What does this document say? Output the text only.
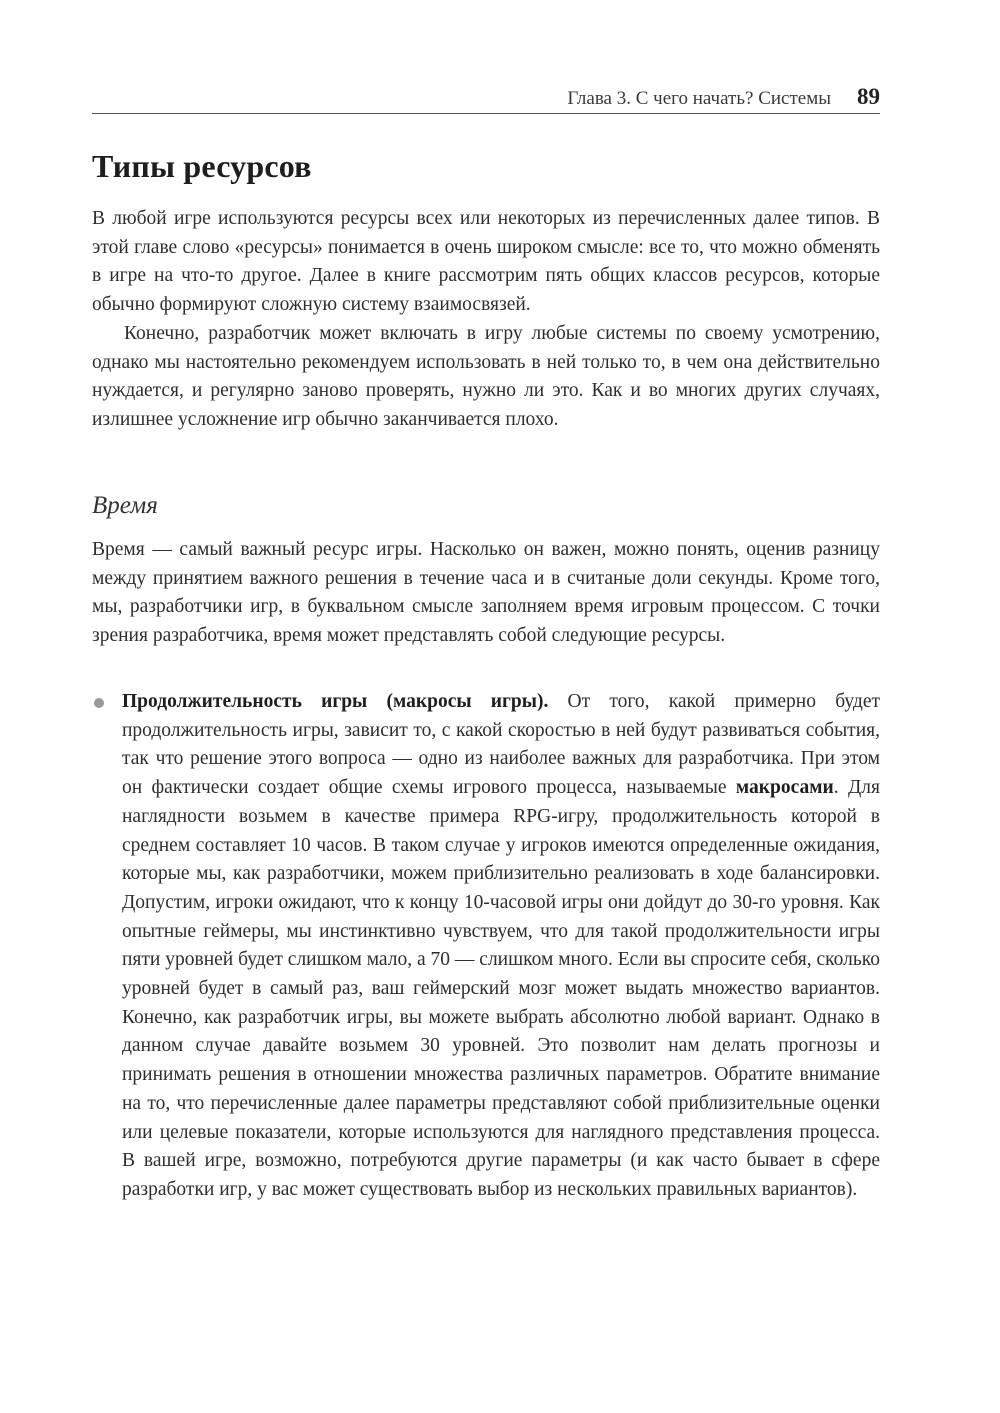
Глава 3. С чего начать? Системы 89
Типы ресурсов

В любой игре используются ресурсы всех или некоторых из перечисленных далее типов. В этой главе слово «ресурсы» понимается в очень широком смысле: все то, что можно обменять в игре на что-то другое. Далее в книге рассмотрим пять общих классов ресурсов, которые обычно формируют сложную систему взаимосвязей.

Конечно, разработчик может включать в игру любые системы по своему усмотрению, однако мы настоятельно рекомендуем использовать в ней только то, в чем она действительно нуждается, и регулярно заново проверять, нужно ли это. Как и во многих других случаях, излишнее усложнение игр обычно заканчивается плохо.

Время

Время — самый важный ресурс игры. Насколько он важен, можно понять, оценив разницу между принятием важного решения в течение часа и в считаные доли секунды. Кроме того, мы, разработчики игр, в буквальном смысле заполняем время игровым процессом. С точки зрения разработчика, время может представлять собой следующие ресурсы.

Продолжительность игры (макросы игры). От того, какой примерно будет продолжительность игры, зависит то, с какой скоростью в ней будут развиваться события, так что решение этого вопроса — одно из наиболее важных для разработчика. При этом он фактически создает общие схемы игрового процесса, называемые макросами. Для наглядности возьмем в качестве примера RPG-игру, продолжительность которой в среднем составляет 10 часов. В таком случае у игроков имеются определенные ожидания, которые мы, как разработчики, можем приблизительно реализовать в ходе балансировки. Допустим, игроки ожидают, что к концу 10-часовой игры они дойдут до 30-го уровня. Как опытные геймеры, мы инстинктивно чувствуем, что для такой продолжительности игры пяти уровней будет слишком мало, а 70 — слишком много. Если вы спросите себя, сколько уровней будет в самый раз, ваш геймерский мозг может выдать множество вариантов. Конечно, как разработчик игры, вы можете выбрать абсолютно любой вариант. Однако в данном случае давайте возьмем 30 уровней. Это позволит нам делать прогнозы и принимать решения в отношении множества различных параметров. Обратите внимание на то, что перечисленные далее параметры представляют собой приблизительные оценки или целевые показатели, которые используются для наглядного представления процесса. В вашей игре, возможно, потребуются другие параметры (и как часто бывает в сфере разработки игр, у вас может существовать выбор из нескольких правильных вариантов).
